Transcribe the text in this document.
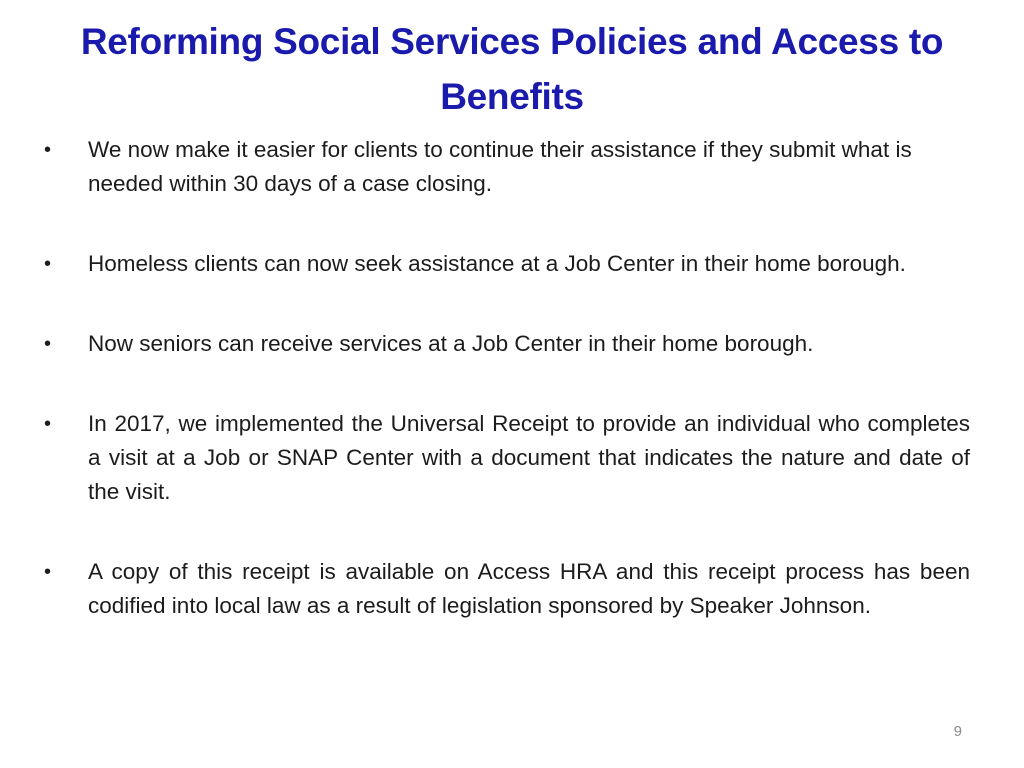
Reforming Social Services Policies and Access to Benefits
•	We now make it easier for clients to continue their assistance if they submit what is needed within 30 days of a case closing.
•	Homeless clients can now seek assistance at a Job Center in their home borough.
•	Now seniors can receive services at a Job Center in their home borough.
•	In 2017, we implemented the Universal Receipt to provide an individual who completes a visit at a Job or SNAP Center with a document that indicates the nature and date of the visit.
•	A copy of this receipt is available on Access HRA and this receipt process has been codified into local law as a result of legislation sponsored by Speaker Johnson.
9
